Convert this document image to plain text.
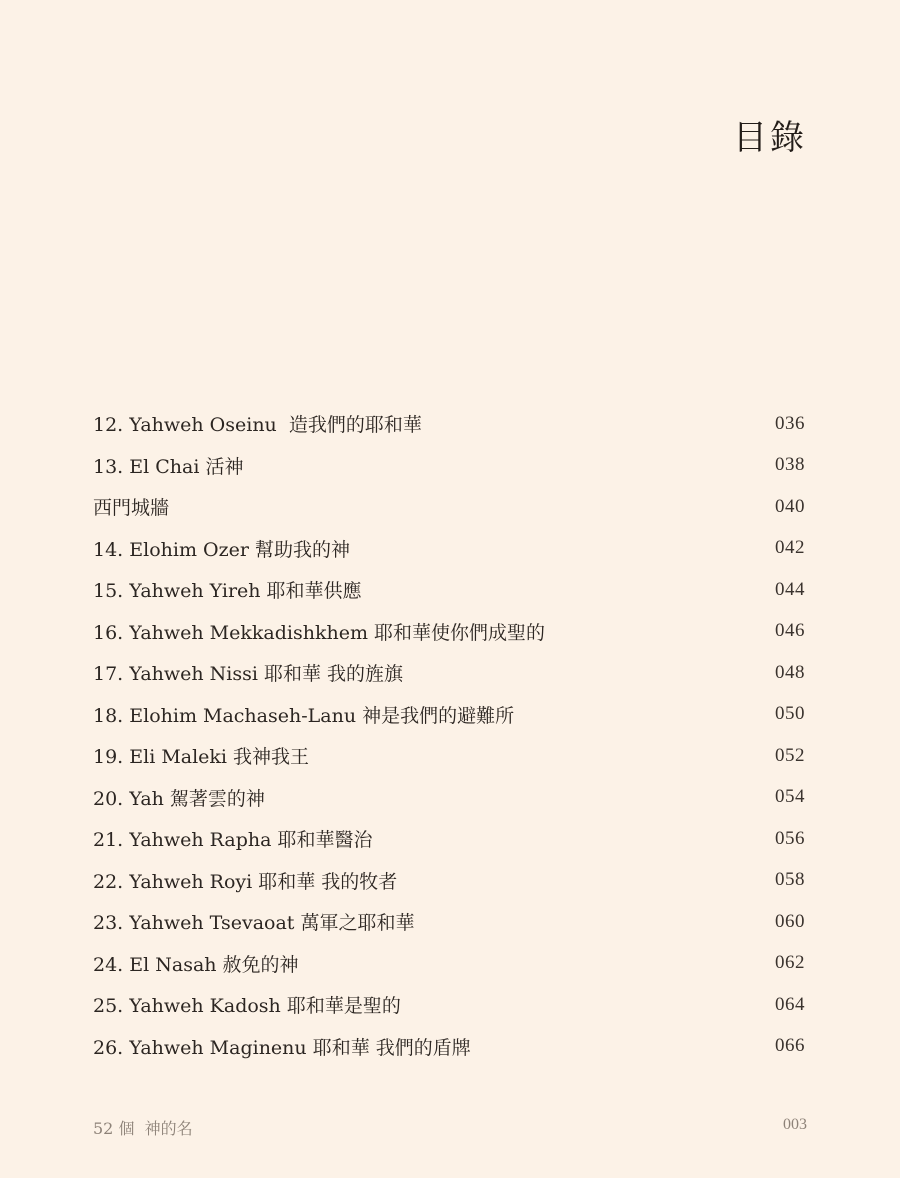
目錄
12. Yahweh Oseinu  造我們的耶和華	036
13. El Chai 活神	038
西門城牆	040
14. Elohim Ozer 幫助我的神	042
15. Yahweh Yireh 耶和華供應	044
16. Yahweh Mekkadishkhem 耶和華使你們成聖的	046
17. Yahweh Nissi 耶和華 我的旌旗	048
18. Elohim Machaseh-Lanu 神是我們的避難所	050
19. Eli Maleki 我神我王	052
20. Yah 駕著雲的神	054
21. Yahweh Rapha 耶和華醫治	056
22. Yahweh Royi 耶和華 我的牧者	058
23. Yahweh Tsevaoat 萬軍之耶和華	060
24. El Nasah 赦免的神	062
25. Yahweh Kadosh 耶和華是聖的	064
26. Yahweh Maginenu 耶和華 我們的盾牌	066
52 個  神的名	003
